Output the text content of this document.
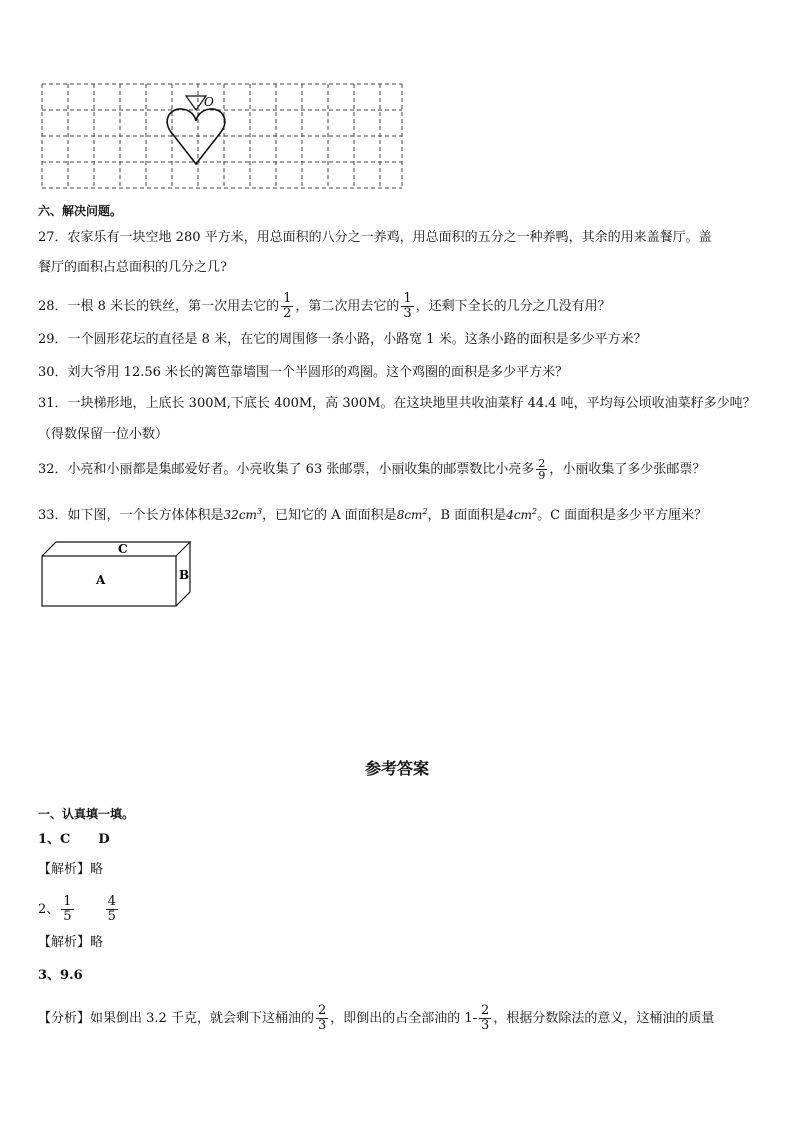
O
六、解决问题。
27．农家乐有一块空地 280 平方米，用总面积的八分之一养鸡，用总面积的五分之一种养鸭，其余的用来盖餐厅。盖
餐厅的面积占总面积的几分之几?
28．一根 8 米长的铁丝，第一次用去它的 $\frac{1}{2}$ ，第二次用去它的 $\frac{1}{3}$ ，还剩下全长的几分之几没有用？
29．一个圆形花坛的直径是 8 米，在它的周围修一条小路，小路宽 1 米。这条小路的面积是多少平方米？
30．刘大爷用 12.56 米长的篱笆靠墙围一个半圆形的鸡圈。这个鸡圈的面积是多少平方米？
31．一块梯形地，上底长 300M,下底长 400M，高 300M。在这块地里共收油菜籽 44.4 吨，平均每公顷收油菜籽多少吨？
（得数保留一位小数）
32．小亮和小丽都是集邮爱好者。小亮收集了 63 张邮票，小丽收集的邮票数比小亮多 $\frac{2}{9}$ ，小丽收集了多少张邮票？
33．如下图，一个长方体体积是$32cm^3$，已知它的 A 面面积是$8cm^2$，B 面面积是$4cm^2$。C 面面积是多少平方厘米？
C
A	B
参考答案
一、认真填一填。
1、C D
【解析】略
2、 $\frac{1}{5} \frac{4}{5}$
【解析】略
3、9.6
【分析】如果倒出 3.2 千克，就会剩下这桶油的 $\frac{2}{3}$ ，即倒出的占全部油的 $1- \frac{2}{3}$ ，根据分数除法的意义，这桶油的质量
